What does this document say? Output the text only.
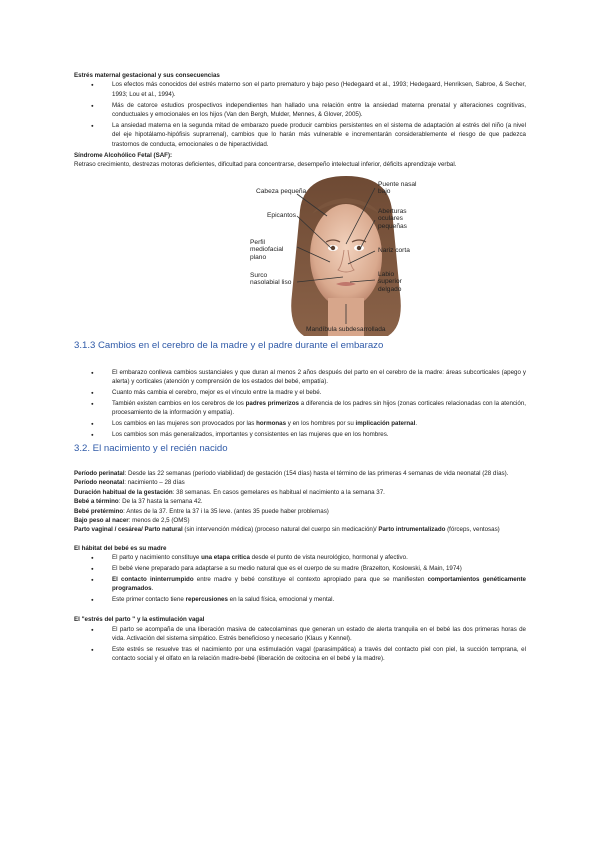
Estrés maternal gestacional y sus consecuencias

● Los efectos más conocidos del estrés materno son el parto prematuro y bajo peso (Hedegaard et al., 1993; Hedegaard, Henriksen, Sabroe, & Secher, 1993; Lou et al., 1994).
● Más de catorce estudios prospectivos independientes han hallado una relación entre la ansiedad materna prenatal y alteraciones cognitivas, conductuales y emocionales en los hijos (Van den Bergh, Mulder, Mennes, & Glover, 2005).
● La ansiedad materna en la segunda mitad de embarazo puede producir cambios persistentes en el sistema de adaptación al estrés del niño (a nivel del eje hipotálamo-hipófisis suprarrenal), cambios que lo harán más vulnerable e incrementarán considerablemente el riesgo de que padezca trastornos de conducta, emocionales o de hiperactividad.

Síndrome Alcohólico Fetal (SAF):

Retraso crecimiento, destrezas motoras deficientes, dificultad para concentrarse, desempeño intelectual inferior, déficits aprendizaje verbal.

Cabeza pequeña
Epicantos
Perfil mediofacial plano
Surco nasolabial liso
Puente nasal bajo
Aberturas oculares pequeñas
Nariz corta
Labio superior delgado
Mandíbula subdesarrollada
3.1.3 Cambios en el cerebro de la madre y el padre durante el embarazo
● El embarazo conlleva cambios sustanciales y que duran al menos 2 años después del parto en el cerebro de la madre: áreas subcorticales (apego y alerta) y corticales (atención y comprensión de los estados del bebé, empatía).
● Cuanto más cambia el cerebro, mejor es el vínculo entre la madre y el bebé.
● También existen cambios en los cerebros de los padres primerizos a diferencia de los padres sin hijos (zonas corticales relacionadas con la atención, procesamiento de la información y empatía).
● Los cambios en las mujeres son provocados por las hormonas y en los hombres por su implicación paternal.
● Los cambios son más generalizados, importantes y consistentes en las mujeres que en los hombres.
3.2. El nacimiento y el recién nacido

Período perinatal: Desde las 22 semanas (período viabilidad) de gestación (154 días) hasta el término de las primeras 4 semanas de vida neonatal (28 días).

Período neonatal: nacimiento – 28 días

Duración habitual de la gestación: 38 semanas. En casos gemelares es habitual el nacimiento a la semana 37.

Bebé a término: De la 37 hasta la semana 42.

Bebé pretérmino: Antes de la 37. Entre la 37 i la 35 leve. (antes 35 puede haber problemas)

Bajo peso al nacer: menos de 2,5 (OMS)

Parto vaginal / cesárea/ Parto natural (sin intervención médica) (proceso natural del cuerpo sin medicación)/ Parto intrumentalizado (fórceps, ventosas)

El hábitat del bebé es su madre

● El parto y nacimiento constituye una etapa crítica desde el punto de vista neurológico, hormonal y afectivo.
● El bebé viene preparado para adaptarse a su medio natural que es el cuerpo de su madre (Brazelton, Koslowski, & Main, 1974)
● El contacto ininterrumpido entre madre y bebé constituye el contexto apropiado para que se manifiesten comportamientos genéticamente programados.
● Este primer contacto tiene repercusiones en la salud física, emocional y mental.

El "estrés del parto " y la estimulación vagal

● El parto se acompaña de una liberación masiva de catecolaminas que generan un estado de alerta tranquila en el bebé las dos primeras horas de vida. Activación del sistema simpático. Estrés beneficioso y necesario (Klaus y Kennel).
● Este estrés se resuelve tras el nacimiento por una estimulación vagal (parasimpática) a través del contacto piel con piel, la succión temprana, el contacto social y el olfato en la relación madre-bebé (liberación de oxitocina en el bebé y la madre).
